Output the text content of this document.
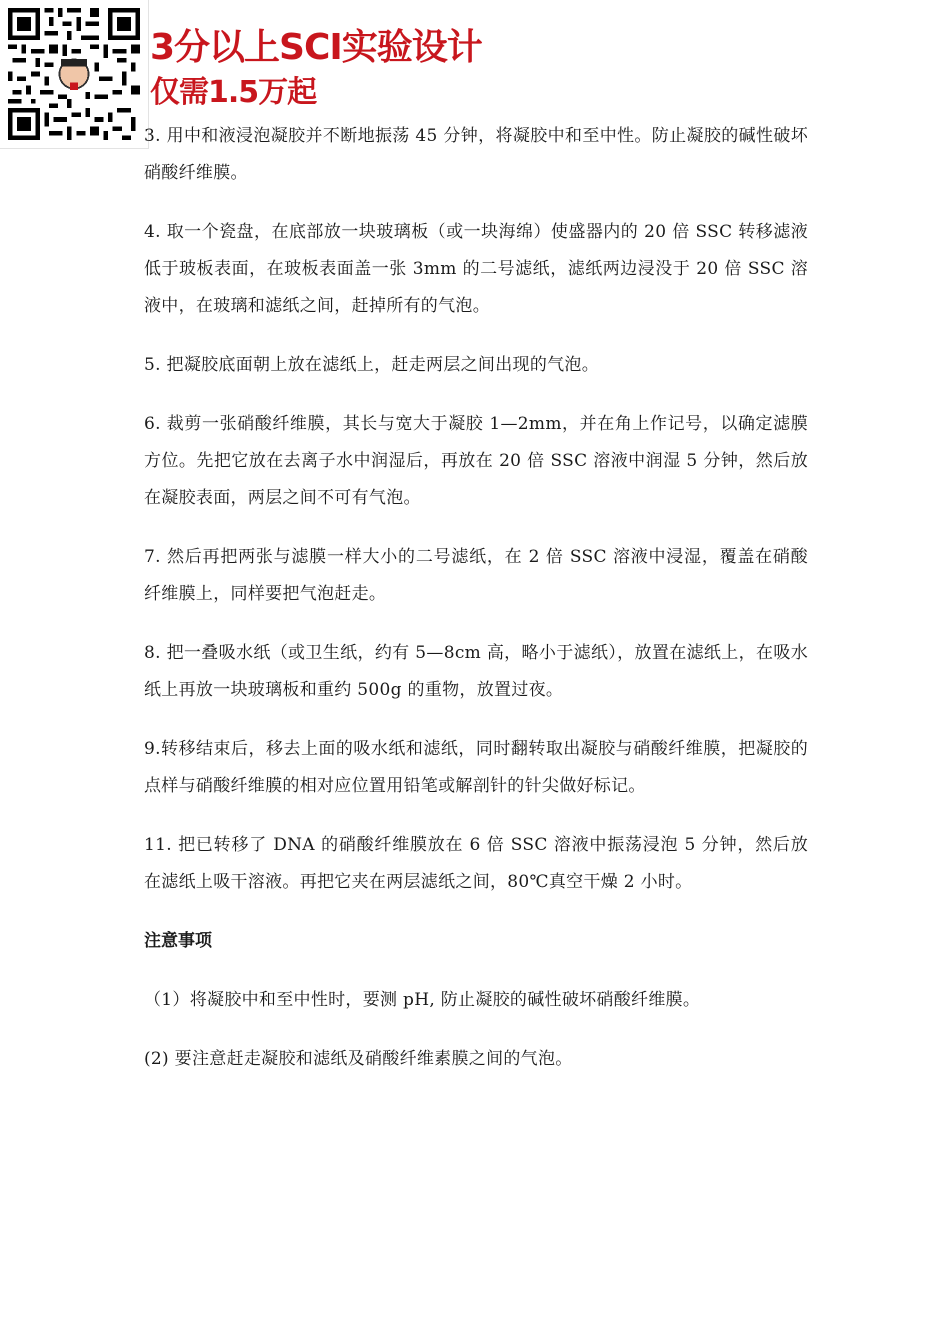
3分以上SCI实验设计
仅需1.5万起

3. 用中和液浸泡凝胶并不断地振荡 45 分钟，将凝胶中和至中性。防止凝胶的碱性破坏硝酸纤维膜。

4. 取一个瓷盘，在底部放一块玻璃板（或一块海绵）使盛器内的 20 倍 SSC 转移滤液低于玻板表面，在玻板表面盖一张 3mm 的二号滤纸，滤纸两边浸没于 20 倍 SSC 溶液中，在玻璃和滤纸之间，赶掉所有的气泡。

5. 把凝胶底面朝上放在滤纸上，赶走两层之间出现的气泡。

6. 裁剪一张硝酸纤维膜，其长与宽大于凝胶 1—2mm，并在角上作记号，以确定滤膜方位。先把它放在去离子水中润湿后，再放在 20 倍 SSC 溶液中润湿 5 分钟，然后放在凝胶表面，两层之间不可有气泡。

7. 然后再把两张与滤膜一样大小的二号滤纸，在 2 倍 SSC 溶液中浸湿，覆盖在硝酸纤维膜上，同样要把气泡赶走。

8. 把一叠吸水纸（或卫生纸，约有 5—8cm 高，略小于滤纸），放置在滤纸上，在吸水纸上再放一块玻璃板和重约 500g 的重物，放置过夜。

9.转移结束后，移去上面的吸水纸和滤纸，同时翻转取出凝胶与硝酸纤维膜，把凝胶的点样与硝酸纤维膜的相对应位置用铅笔或解剖针的针尖做好标记。

11. 把已转移了 DNA 的硝酸纤维膜放在 6 倍 SSC 溶液中振荡浸泡 5 分钟，然后放在滤纸上吸干溶液。再把它夹在两层滤纸之间，80℃真空干燥 2 小时。

注意事项

（1）将凝胶中和至中性时，要测 pH, 防止凝胶的碱性破坏硝酸纤维膜。

(2) 要注意赶走凝胶和滤纸及硝酸纤维素膜之间的气泡。
